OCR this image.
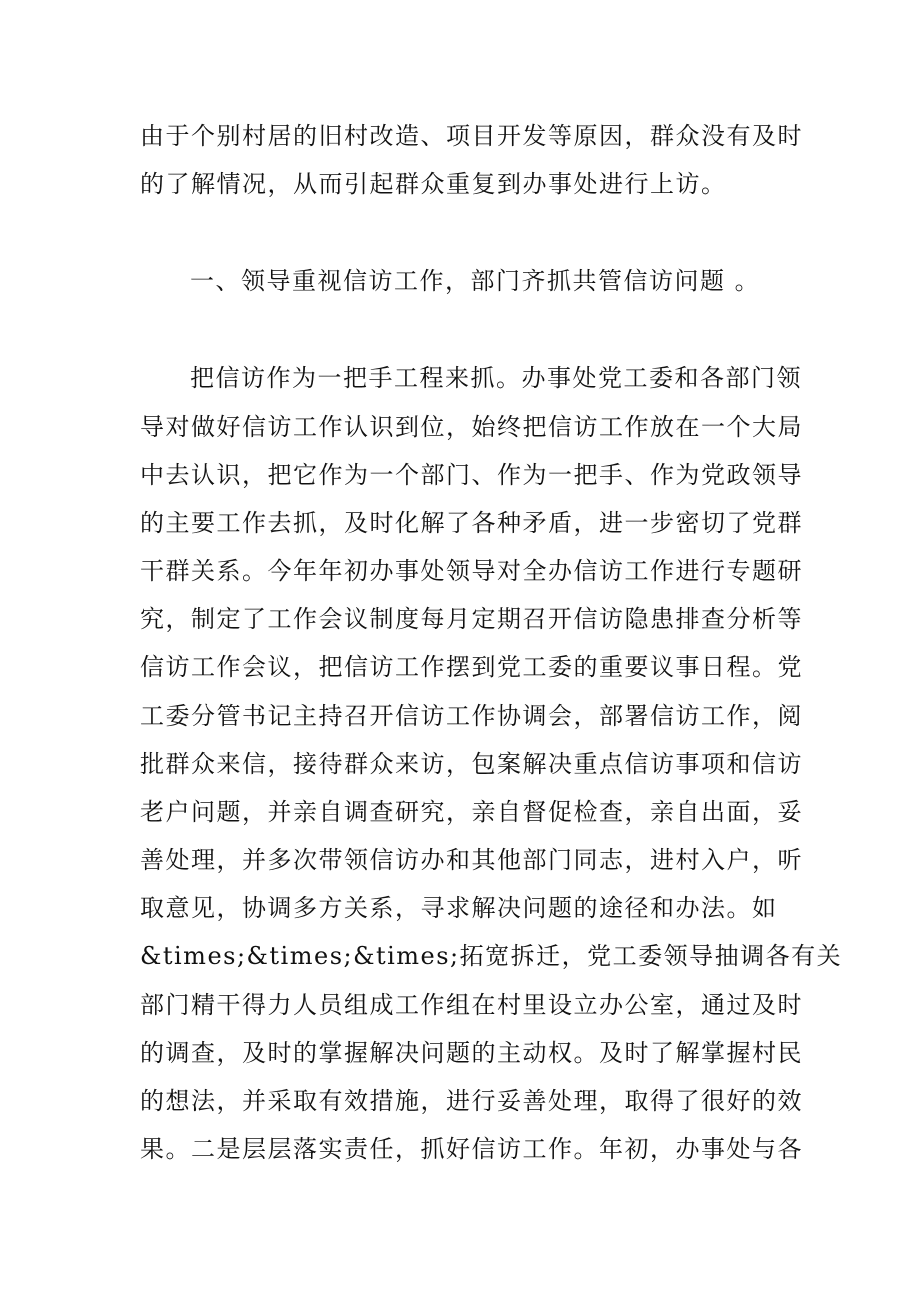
由于个别村居的旧村改造、项目开发等原因，群众没有及时
的了解情况，从而引起群众重复到办事处进行上访。
一、领导重视信访工作，部门齐抓共管信访问题 。
把信访作为一把手工程来抓。办事处党工委和各部门领
导对做好信访工作认识到位，始终把信访工作放在一个大局
中去认识，把它作为一个部门、作为一把手、作为党政领导
的主要工作去抓，及时化解了各种矛盾，进一步密切了党群
干群关系。今年年初办事处领导对全办信访工作进行专题研
究，制定了工作会议制度每月定期召开信访隐患排查分析等
信访工作会议，把信访工作摆到党工委的重要议事日程。党
工委分管书记主持召开信访工作协调会，部署信访工作，阅
批群众来信，接待群众来访，包案解决重点信访事项和信访
老户问题，并亲自调查研究，亲自督促检查，亲自出面，妥
善处理，并多次带领信访办和其他部门同志，进村入户，听
取意见，协调多方关系，寻求解决问题的途径和办法。如
&times;&times;&times;拓宽拆迁，党工委领导抽调各有关
部门精干得力人员组成工作组在村里设立办公室，通过及时
的调查，及时的掌握解决问题的主动权。及时了解掌握村民
的想法，并采取有效措施，进行妥善处理，取得了很好的效
果。二是层层落实责任，抓好信访工作。年初，办事处与各
